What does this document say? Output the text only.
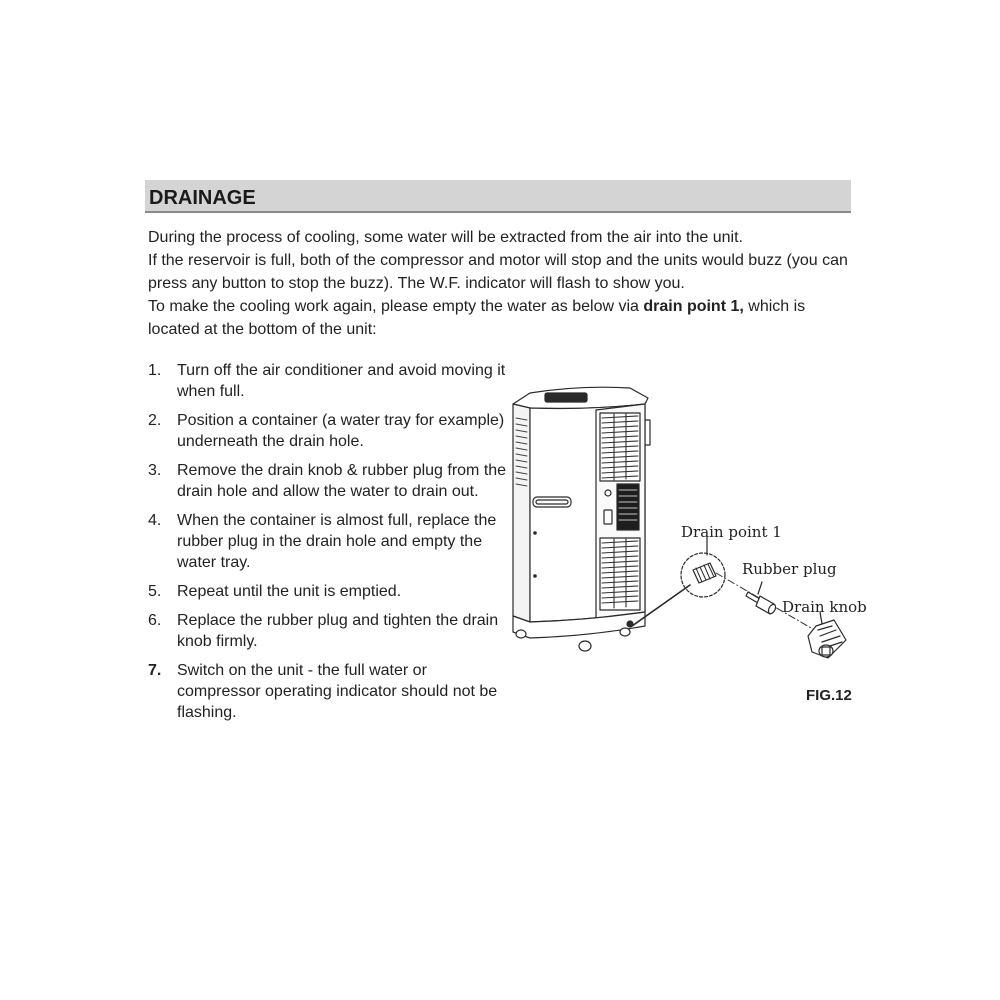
DRAINAGE

During the process of cooling, some water will be extracted from the air into the unit.

If the reservoir is full, both of the compressor and motor will stop and the units would buzz (you can press any button to stop the buzz). The W.F. indicator will flash to show you.

To make the cooling work again, please empty the water as below via drain point 1, which is located at the bottom of the unit:

1. Turn off the air conditioner and avoid moving it when full.
2. Position a container (a water tray for example) underneath the drain hole.
3. Remove the drain knob & rubber plug from the drain hole and allow the water to drain out.
4. When the container is almost full, replace the rubber plug in the drain hole and empty the water tray.
5. Repeat until the unit is emptied.
6. Replace the rubber plug and tighten the drain knob firmly.
7. Switch on the unit - the full water or compressor operating indicator should not be flashing.
Drain point 1
Rubber plug
Drain knob
FIG.12
